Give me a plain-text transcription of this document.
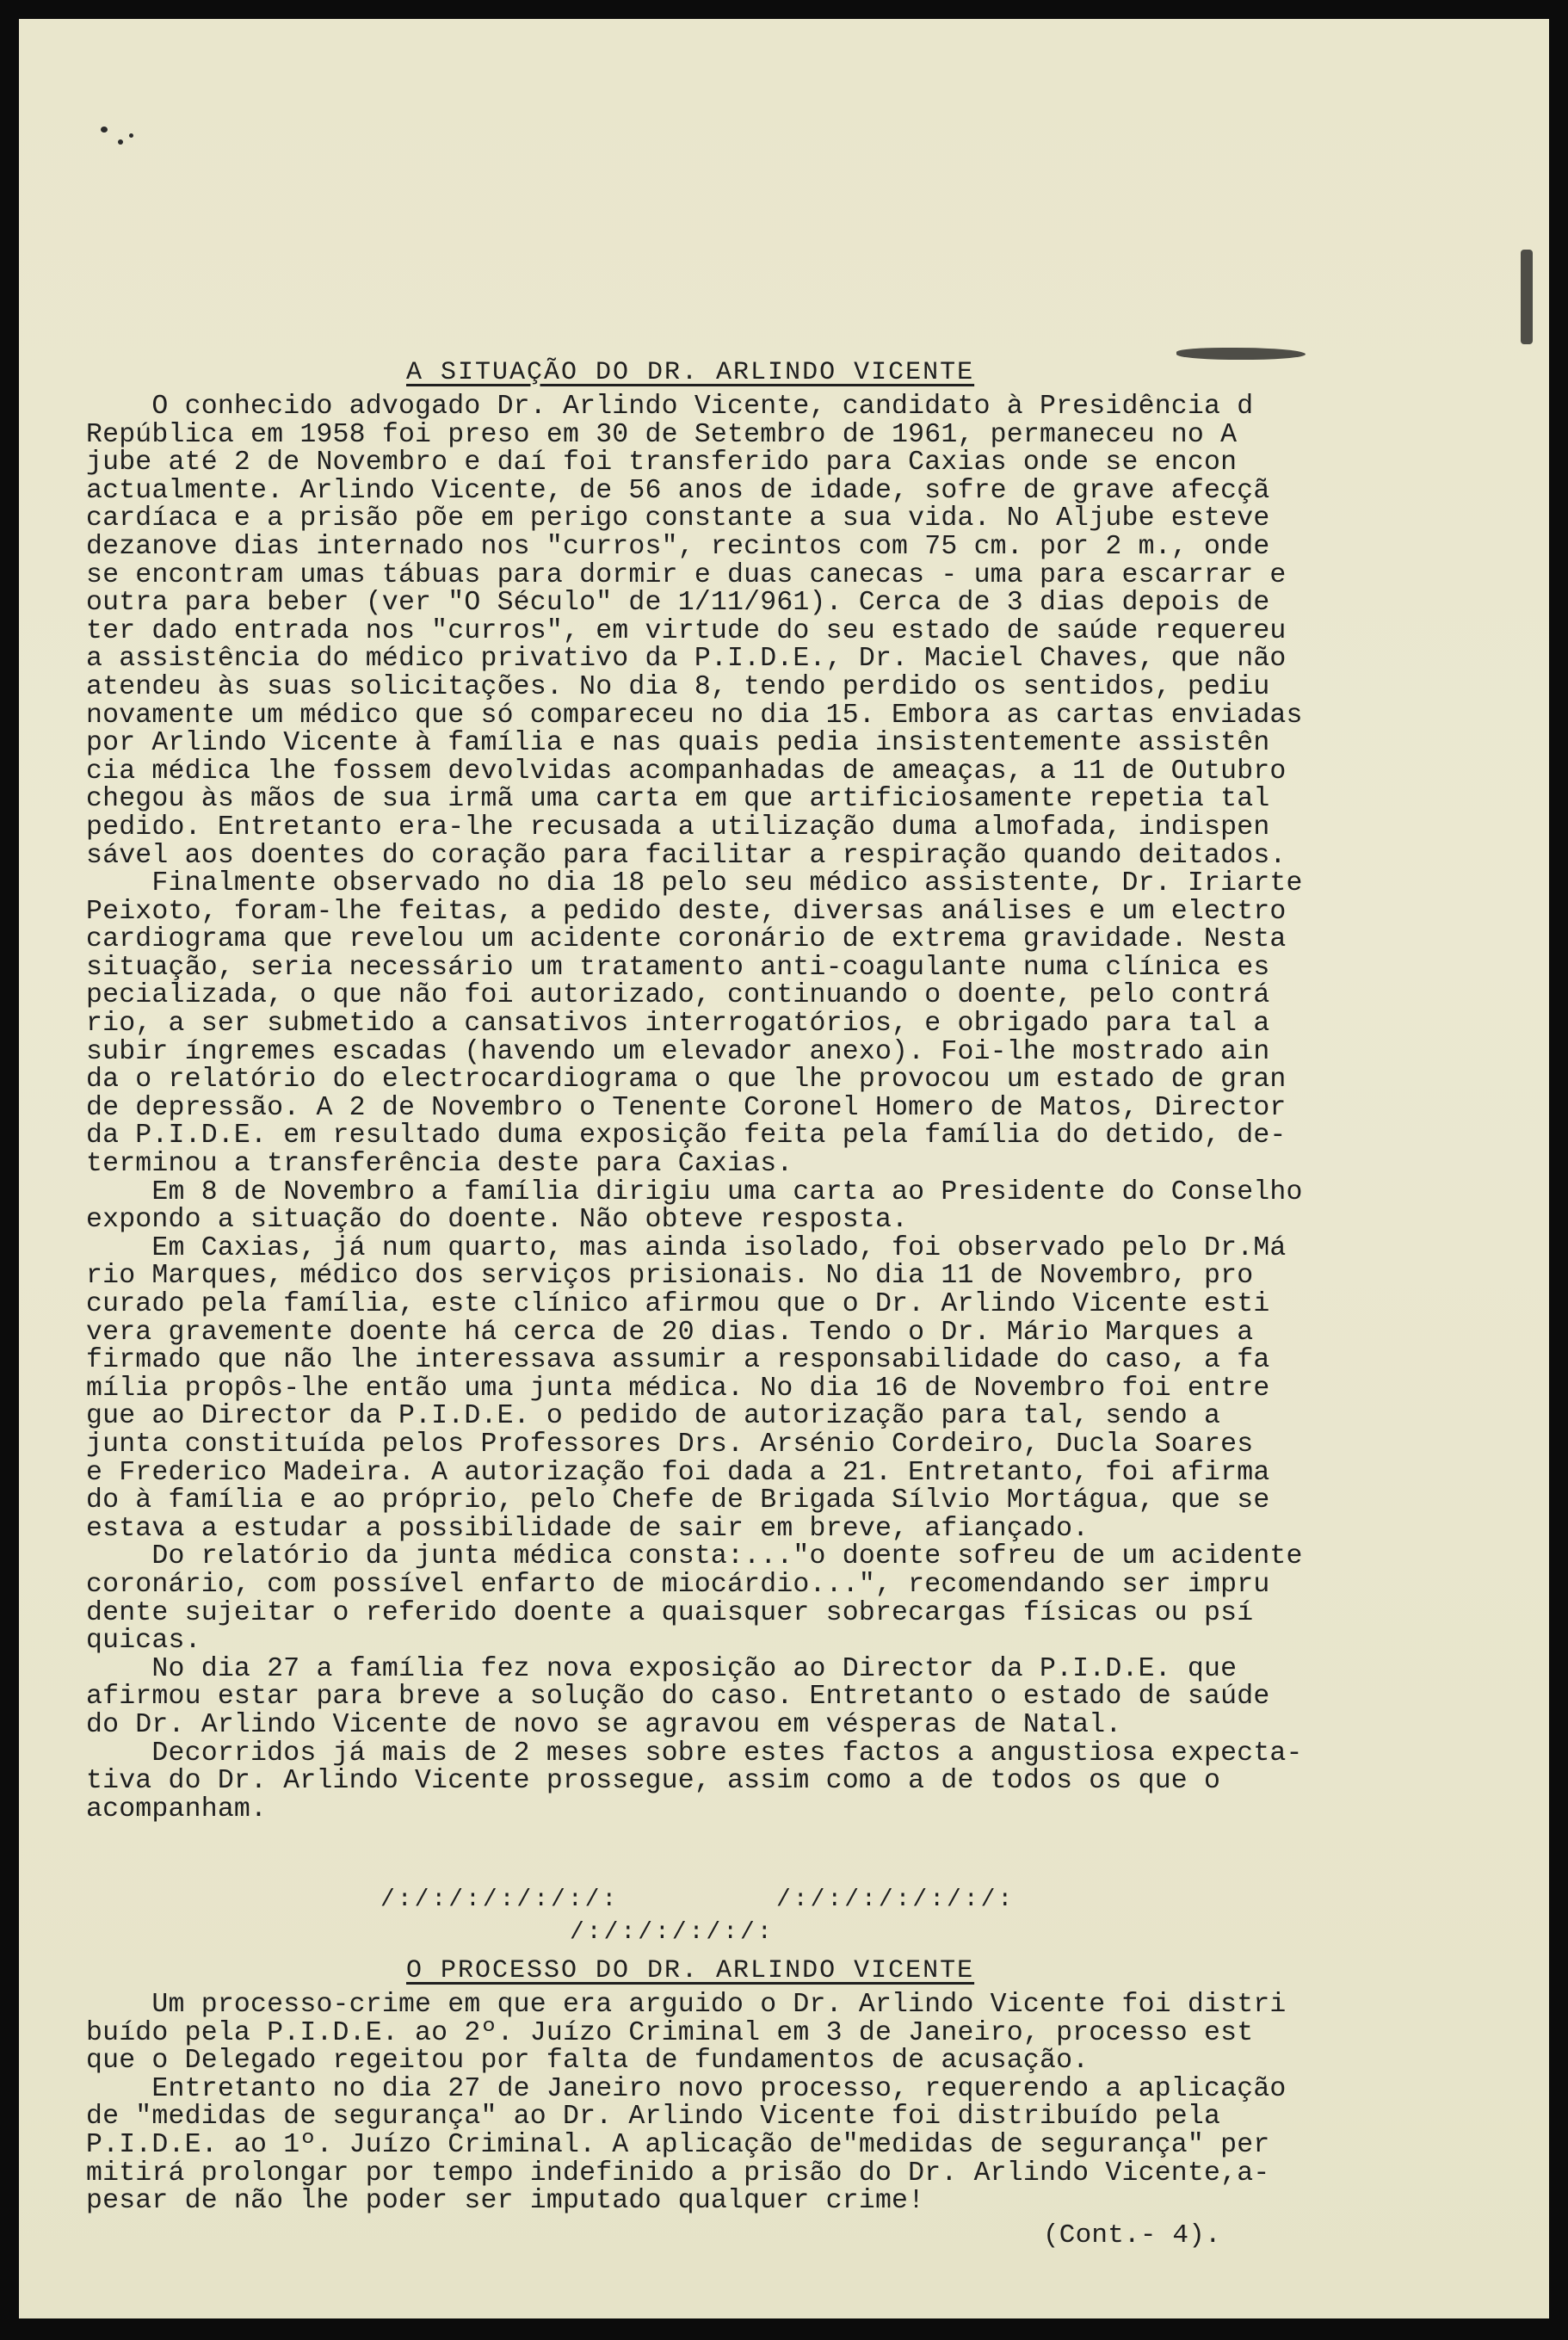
A SITUAÇÃO DO DR. ARLINDO VICENTE
O conhecido advogado Dr. Arlindo Vicente, candidato à Presidência d
República em 1958 foi preso em 30 de Setembro de 1961, permaneceu no A
jube até 2 de Novembro e daí foi transferido para Caxias onde se encon
actualmente. Arlindo Vicente, de 56 anos de idade, sofre de grave afecçã
cardíaca e a prisão põe em perigo constante a sua vida. No Aljube esteve
dezanove dias internado nos "curros", recintos com 75 cm. por 2 m., onde
se encontram umas tábuas para dormir e duas canecas - uma para escarrar e
outra para beber (ver "O Século" de 1/11/961). Cerca de 3 dias depois de
ter dado entrada nos "curros", em virtude do seu estado de saúde requereu
a assistência do médico privativo da P.I.D.E., Dr. Maciel Chaves, que não
atendeu às suas solicitações. No dia 8, tendo perdido os sentidos, pediu
novamente um médico que só compareceu no dia 15. Embora as cartas enviadas
por Arlindo Vicente à família e nas quais pedia insistentemente assistên
cia médica lhe fossem devolvidas acompanhadas de ameaças, a 11 de Outubro
chegou às mãos de sua irmã uma carta em que artificiosamente repetia tal
pedido. Entretanto era-lhe recusada a utilização duma almofada, indispen
sável aos doentes do coração para facilitar a respiração quando deitados.
Finalmente observado no dia 18 pelo seu médico assistente, Dr. Iriarte
Peixoto, foram-lhe feitas, a pedido deste, diversas análises e um electro
cardiograma que revelou um acidente coronário de extrema gravidade. Nesta
situação, seria necessário um tratamento anti-coagulante numa clínica es
pecializada, o que não foi autorizado, continuando o doente, pelo contrá
rio, a ser submetido a cansativos interrogatórios, e obrigado para tal a
subir íngremes escadas (havendo um elevador anexo). Foi-lhe mostrado ain
da o relatório do electrocardiograma o que lhe provocou um estado de gran
de depressão. A 2 de Novembro o Tenente Coronel Homero de Matos, Director
da P.I.D.E. em resultado duma exposição feita pela família do detido, de-
terminou a transferência deste para Caxias.
Em 8 de Novembro a família dirigiu uma carta ao Presidente do Conselho
expondo a situação do doente. Não obteve resposta.
Em Caxias, já num quarto, mas ainda isolado, foi observado pelo Dr.Má
rio Marques, médico dos serviços prisionais. No dia 11 de Novembro, pro
curado pela família, este clínico afirmou que o Dr. Arlindo Vicente esti
vera gravemente doente há cerca de 20 dias. Tendo o Dr. Mário Marques a
firmado que não lhe interessava assumir a responsabilidade do caso, a fa
mília propôs-lhe então uma junta médica. No dia 16 de Novembro foi entre
gue ao Director da P.I.D.E. o pedido de autorização para tal, sendo a
junta constituída pelos Professores Drs. Arsénio Cordeiro, Ducla Soares
e Frederico Madeira. A autorização foi dada a 21. Entretanto, foi afirma
do à família e ao próprio, pelo Chefe de Brigada Sílvio Mortágua, que se
estava a estudar a possibilidade de sair em breve, afiançado.
Do relatório da junta médica consta:..."o doente sofreu de um acidente
coronário, com possível enfarto de miocárdio...", recomendando ser impru
dente sujeitar o referido doente a quaisquer sobrecargas físicas ou psí
quicas.
No dia 27 a família fez nova exposição ao Director da P.I.D.E. que
afirmou estar para breve a solução do caso. Entretanto o estado de saúde
do Dr. Arlindo Vicente de novo se agravou em vésperas de Natal.
Decorridos já mais de 2 meses sobre estes factos a angustiosa expecta-
tiva do Dr. Arlindo Vicente prossegue, assim como a de todos os que o
acompanham.
/:/:/:/:/:/:/:	/:/:/:/:/:/:/:
/:/:/:/:/:/:
O PROCESSO DO DR. ARLINDO VICENTE
Um processo-crime em que era arguido o Dr. Arlindo Vicente foi distri
buído pela P.I.D.E. ao 2º. Juízo Criminal em 3 de Janeiro, processo est
que o Delegado regeitou por falta de fundamentos de acusação.
Entretanto no dia 27 de Janeiro novo processo, requerendo a aplicação
de "medidas de segurança" ao Dr. Arlindo Vicente foi distribuído pela
P.I.D.E. ao 1º. Juízo Criminal. A aplicação de"medidas de segurança" per
mitirá prolongar por tempo indefinido a prisão do Dr. Arlindo Vicente,a-
pesar de não lhe poder ser imputado qualquer crime!
(Cont.- 4).
